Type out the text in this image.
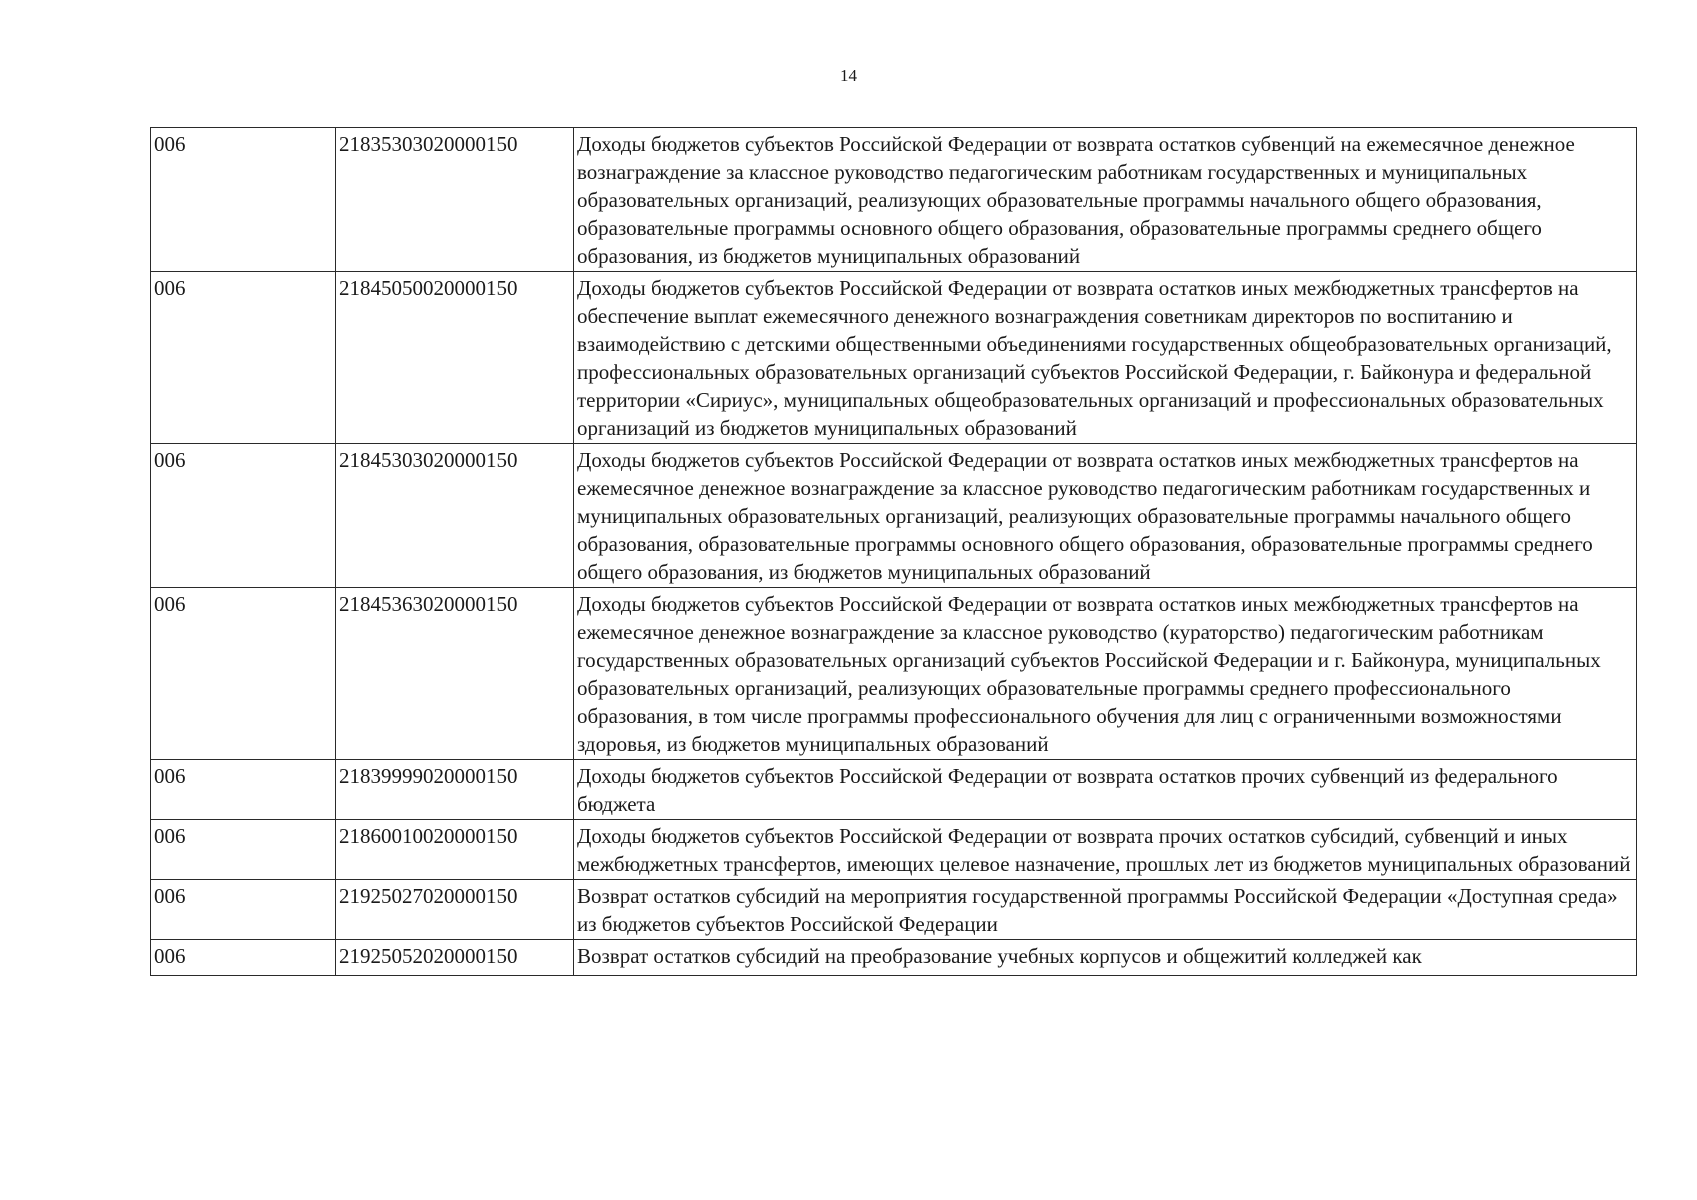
14
006	21835303020000150	Доходы бюджетов субъектов Российской Федерации от возврата остатков субвенций на ежемесячное денежное вознаграждение за классное руководство педагогическим работникам государственных и муниципальных образовательных организаций, реализующих образовательные программы начального общего образования, образовательные программы основного общего образования, образовательные программы среднего общего образования, из бюджетов муниципальных образований
006	21845050020000150	Доходы бюджетов субъектов Российской Федерации от возврата остатков иных межбюджетных трансфертов на обеспечение выплат ежемесячного денежного вознаграждения советникам директоров по воспитанию и взаимодействию с детскими общественными объединениями государственных общеобразовательных организаций, профессиональных образовательных организаций субъектов Российской Федерации, г. Байконура и федеральной территории «Сириус», муниципальных общеобразовательных организаций и профессиональных образовательных организаций из бюджетов муниципальных образований
006	21845303020000150	Доходы бюджетов субъектов Российской Федерации от возврата остатков иных межбюджетных трансфертов на ежемесячное денежное вознаграждение за классное руководство педагогическим работникам государственных и муниципальных образовательных организаций, реализующих образовательные программы начального общего образования, образовательные программы основного общего образования, образовательные программы среднего общего образования, из бюджетов муниципальных образований
006	21845363020000150	Доходы бюджетов субъектов Российской Федерации от возврата остатков иных межбюджетных трансфертов на ежемесячное денежное вознаграждение за классное руководство (кураторство) педагогическим работникам государственных образовательных организаций субъектов Российской Федерации и г. Байконура, муниципальных образовательных организаций, реализующих образовательные программы среднего профессионального образования, в том числе программы профессионального обучения для лиц с ограниченными возможностями здоровья, из бюджетов муниципальных образований
006	21839999020000150	Доходы бюджетов субъектов Российской Федерации от возврата остатков прочих субвенций из федерального бюджета
006	21860010020000150	Доходы бюджетов субъектов Российской Федерации от возврата прочих остатков субсидий, субвенций и иных межбюджетных трансфертов, имеющих целевое назначение, прошлых лет из бюджетов муниципальных образований
006	21925027020000150	Возврат остатков субсидий на мероприятия государственной программы Российской Федерации «Доступная среда» из бюджетов субъектов Российской Федерации
006	21925052020000150	Возврат остатков субсидий на преобразование учебных корпусов и общежитий колледжей как
